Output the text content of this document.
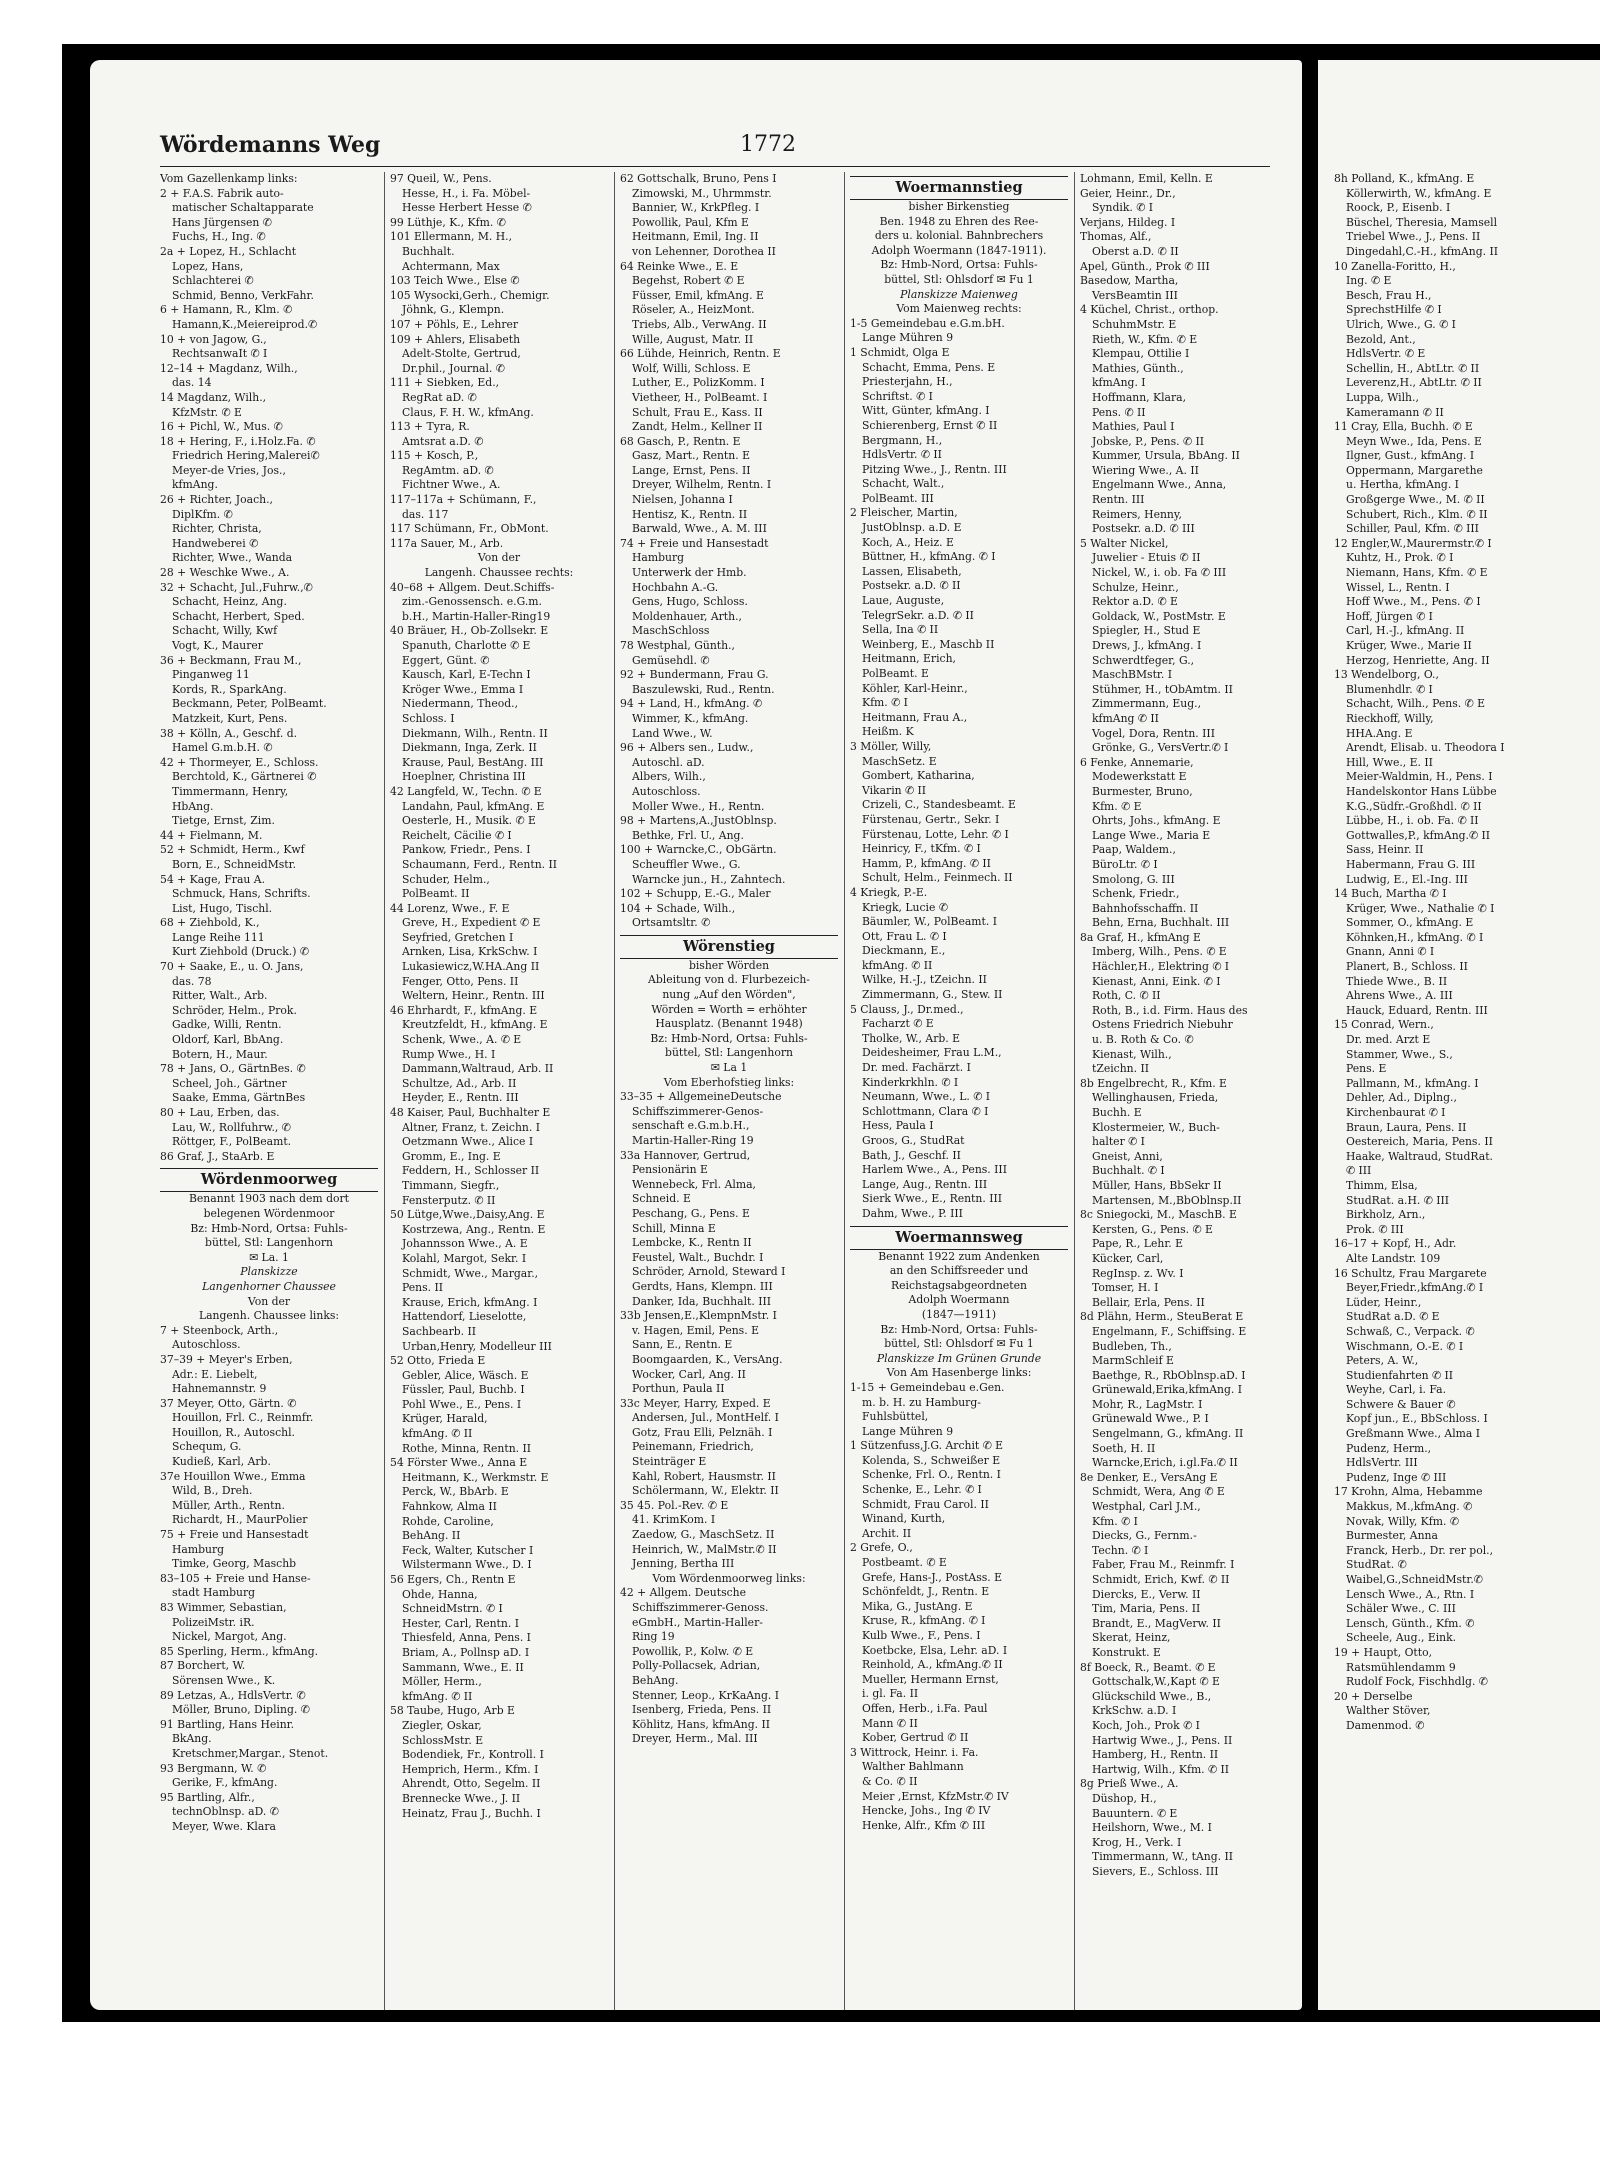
Wördemanns Weg	1772
Vom Gazellenkamp links:
2 + F.A.S. Fabrik auto-
matischer Schaltapparate
Hans Jürgensen ✆
Fuchs, H., Ing. ✆
2a + Lopez, H., Schlacht
Lopez, Hans,
Schlachterei ✆
Schmid, Benno, VerkFahr.
6 + Hamann, R., Klm. ✆
Hamann,K.,Meiereiprod.✆
10 + von Jagow, G.,
RechtsanwaIt ✆ I
12–14 + Magdanz, Wilh.,
das. 14
14 Magdanz, Wilh.,
KfzMstr. ✆ E
16 + Pichl, W., Mus. ✆
18 + Hering, F., i.Holz.Fa. ✆
Friedrich Hering,Malerei✆
Meyer-de Vries, Jos.,
kfmAng.
26 + Richter, Joach.,
DiplKfm. ✆
Richter, Christa,
Handweberei ✆
Richter, Wwe., Wanda
28 + Weschke Wwe., A.
32 + Schacht, Jul.,Fuhrw.,✆
Schacht, Heinz, Ang.
Schacht, Herbert, Sped.
Schacht, Willy, Kwf
Vogt, K., Maurer
36 + Beckmann, Frau M.,
Pinganweg 11
Kords, R., SparkAng.
Beckmann, Peter, PolBeamt.
Matzkeit, Kurt, Pens.
38 + Kölln, A., Geschf. d.
Hamel G.m.b.H. ✆
42 + Thormeyer, E., Schloss.
Berchtold, K., Gärtnerei ✆
Timmermann, Henry,
HbAng.
Tietge, Ernst, Zim.
44 + Fielmann, M.
52 + Schmidt, Herm., Kwf
Born, E., SchneidMstr.
54 + Kage, Frau A.
Schmuck, Hans, Schrifts.
List, Hugo, Tischl.
68 + Ziehbold, K.,
Lange Reihe 111
Kurt Ziehbold (Druck.) ✆
70 + Saake, E., u. O. Jans,
das. 78
Ritter, Walt., Arb.
Schröder, Helm., Prok.
Gadke, Willi, Rentn.
Oldorf, Karl, BbAng.
Botern, H., Maur.
78 + Jans, O., GärtnBes. ✆
Scheel, Joh., Gärtner
Saake, Emma, GärtnBes
80 + Lau, Erben, das.
Lau, W., Rollfuhrw., ✆
Röttger, F., PolBeamt.
86 Graf, J., StaArb. E
Wördenmoorweg
Benannt 1903 nach dem dort
belegenen Wördenmoor
Bz: Hmb-Nord, Ortsa: Fuhls-
büttel, Stl: Langenhorn
✉ La. 1
Planskizze
Langenhorner Chaussee
Von der
Langenh. Chaussee links:
7 + Steenbock, Arth.,
Autoschloss.
37–39 + Meyer's Erben,
Adr.: E. Liebelt,
Hahnemannstr. 9
37 Meyer, Otto, Gärtn. ✆
Houillon, Frl. C., Reinmfr.
Houillon, R., Autoschl.
Schequm, G.
Kudieß, Karl, Arb.
37e Houillon Wwe., Emma
Wild, B., Dreh.
Müller, Arth., Rentn.
Richardt, H., MaurPolier
75 + Freie und Hansestadt
Hamburg
Timke, Georg, Maschb
83–105 + Freie und Hanse-
stadt Hamburg
83 Wimmer, Sebastian,
PolizeiMstr. iR.
Nickel, Margot, Ang.
85 Sperling, Herm., kfmAng.
87 Borchert, W.
Sörensen Wwe., K.
89 Letzas, A., HdlsVertr. ✆
Möller, Bruno, Dipling. ✆
91 Bartling, Hans Heinr.
BkAng.
Kretschmer,Margar., Stenot.
93 Bergmann, W. ✆
Gerike, F., kfmAng.
95 Bartling, Alfr.,
technOblnsp. aD. ✆
Meyer, Wwe. Klara
97 Queil, W., Pens.
Hesse, H., i. Fa. Möbel-
Hesse Herbert Hesse ✆
99 Lüthje, K., Kfm. ✆
101 Ellermann, M. H.,
Buchhalt.
Achtermann, Max
103 Teich Wwe., Else ✆
105 Wysocki,Gerh., Chemigr.
Jöhnk, G., Klempn.
107 + Pöhls, E., Lehrer
109 + Ahlers, Elisabeth
Adelt-Stolte, Gertrud,
Dr.phil., Journal. ✆
111 + Siebken, Ed.,
RegRat aD. ✆
Claus, F. H. W., kfmAng.
113 + Tyra, R.
Amtsrat a.D. ✆
115 + Kosch, P.,
RegAmtm. aD. ✆
Fichtner Wwe., A.
117–117a + Schümann, F.,
das. 117
117 Schümann, Fr., ObMont.
117a Sauer, M., Arb.
Von der
Langenh. Chaussee rechts:
40–68 + Allgem. Deut.Schiffs-
zim.-Genossensch. e.G.m.
b.H., Martin-Haller-Ring19
40 Bräuer, H., Ob-Zollsekr. E
Spanuth, Charlotte ✆ E
Eggert, Günt. ✆
Kausch, Karl, E-Techn I
Kröger Wwe., Emma I
Niedermann, Theod.,
Schloss. I
Diekmann, Wilh., Rentn. II
Diekmann, Inga, Zerk. II
Krause, Paul, BestAng. III
Hoeplner, Christina III
42 Langfeld, W., Techn. ✆ E
Landahn, Paul, kfmAng. E
Oesterle, H., Musik. ✆ E
Reichelt, Cäcilie ✆ I
Pankow, Friedr., Pens. I
Schaumann, Ferd., Rentn. II
Schuder, Helm.,
PolBeamt. II
44 Lorenz, Wwe., F. E
Greve, H., Expedient ✆ E
Seyfried, Gretchen I
Arnken, Lisa, KrkSchw. I
Lukasiewicz,W.HA.Ang II
Fenger, Otto, Pens. II
Weltern, Heinr., Rentn. III
46 Ehrhardt, F., kfmAng. E
Kreutzfeldt, H., kfmAng. E
Schenk, Wwe., A. ✆ E
Rump Wwe., H. I
Dammann,Waltraud, Arb. II
Schultze, Ad., Arb. II
Heyder, E., Rentn. III
48 Kaiser, Paul, Buchhalter E
Altner, Franz, t. Zeichn. I
Oetzmann Wwe., Alice I
Gromm, E., Ing. E
Feddern, H., Schlosser II
Timmann, Siegfr.,
Fensterputz. ✆ II
50 Lütge,Wwe.,Daisy,Ang. E
Kostrzewa, Ang., Rentn. E
Johannsson Wwe., A. E
Kolahl, Margot, Sekr. I
Schmidt, Wwe., Margar.,
Pens. II
Krause, Erich, kfmAng. I
Hattendorf, Lieselotte,
Sachbearb. II
Urban,Henry, Modelleur III
52 Otto, Frieda E
Gebler, Alice, Wäsch. E
Füssler, Paul, Buchb. I
Pohl Wwe., E., Pens. I
Krüger, Harald,
kfmAng. ✆ II
Rothe, Minna, Rentn. II
54 Förster Wwe., Anna E
Heitmann, K., Werkmstr. E
Perck, W., BbArb. E
Fahnkow, Alma II
Rohde, Caroline,
BehAng. II
Feck, Walter, Kutscher I
Wilstermann Wwe., D. I
56 Egers, Ch., Rentn E
Ohde, Hanna,
SchneidMstrn. ✆ I
Hester, Carl, Rentn. I
Thiesfeld, Anna, Pens. I
Briam, A., Pollnsp aD. I
Sammann, Wwe., E. II
Möller, Herm.,
kfmAng. ✆ II
58 Taube, Hugo, Arb E
Ziegler, Oskar,
SchlossMstr. E
Bodendiek, Fr., Kontroll. I
Hemprich, Herm., Kfm. I
Ahrendt, Otto, Segelm. II
Brennecke Wwe., J. II
Heinatz, Frau J., Buchh. I
62 Gottschalk, Bruno, Pens I
Zimowski, M., Uhrmmstr.
Bannier, W., KrkPfleg. I
Powollik, Paul, Kfm E
Heitmann, Emil, Ing. II
von Lehenner, Dorothea II
64 Reinke Wwe., E. E
Begehst, Robert ✆ E
Füsser, Emil, kfmAng. E
Röseler, A., HeizMont.
Triebs, Alb., VerwAng. II
Wille, August, Matr. II
66 Lühde, Heinrich, Rentn. E
Wolf, Willi, Schloss. E
Luther, E., PolizKomm. I
Vietheer, H., PolBeamt. I
Schult, Frau E., Kass. II
Zandt, Helm., Kellner II
68 Gasch, P., Rentn. E
Gasz, Mart., Rentn. E
Lange, Ernst, Pens. II
Dreyer, Wilhelm, Rentn. I
Nielsen, Johanna I
Hentisz, K., Rentn. II
Barwald, Wwe., A. M. III
74 + Freie und Hansestadt
Hamburg
Unterwerk der Hmb.
Hochbahn A.-G.
Gens, Hugo, Schloss.
Moldenhauer, Arth.,
MaschSchloss
78 Westphal, Günth.,
Gemüsehdl. ✆
92 + Bundermann, Frau G.
Baszulewski, Rud., Rentn.
94 + Land, H., kfmAng. ✆
Wimmer, K., kfmAng.
Land Wwe., W.
96 + Albers sen., Ludw.,
Autoschl. aD.
Albers, Wilh.,
Autoschloss.
Moller Wwe., H., Rentn.
98 + Martens,A.,JustOblnsp.
Bethke, Frl. U., Ang.
100 + Warncke,C., ObGärtn.
Scheuffler Wwe., G.
Warncke jun., H., Zahntech.
102 + Schupp, E.-G., Maler
104 + Schade, Wilh.,
Ortsamtsltr. ✆
Wörenstieg
bisher Wörden
Ableitung von d. Flurbezeich-
nung „Auf den Wörden",
Wörden = Worth = erhöhter
Hausplatz. (Benannt 1948)
Bz: Hmb-Nord, Ortsa: Fuhls-
büttel, Stl: Langenhorn
✉ La 1
Vom Eberhofstieg links:
33–35 + AllgemeineDeutsche
Schiffszimmerer-Genos-
senschaft e.G.m.b.H.,
Martin-Haller-Ring 19
33a Hannover, Gertrud,
Pensionärin E
Wennebeck, Frl. Alma,
Schneid. E
Peschang, G., Pens. E
Schill, Minna E
Lembcke, K., Rentn II
Feustel, Walt., Buchdr. I
Schröder, Arnold, Steward I
Gerdts, Hans, Klempn. III
Danker, Ida, Buchhalt. III
33b Jensen,E.,KlempnMstr. I
v. Hagen, Emil, Pens. E
Sann, E., Rentn. E
Boomgaarden, K., VersAng.
Wocker, Carl, Ang. II
Porthun, Paula II
33c Meyer, Harry, Exped. E
Andersen, Jul., MontHelf. I
Gotz, Frau Elli, Pelznäh. I
Peinemann, Friedrich,
Steinträger E
Kahl, Robert, Hausmstr. II
Schölermann, W., Elektr. II
35 45. Pol.-Rev. ✆ E
41. KrimKom. I
Zaedow, G., MaschSetz. II
Heinrich, W., MalMstr.✆ II
Jenning, Bertha III
Vom Wördenmoorweg links:
42 + Allgem. Deutsche
Schiffszimmerer-Genoss.
eGmbH., Martin-Haller-
Ring 19
Powollik, P., Kolw. ✆ E
Polly-Pollacsek, Adrian,
BehAng.
Stenner, Leop., KrKaAng. I
Isenberg, Frieda, Pens. II
Köhlitz, Hans, kfmAng. II
Dreyer, Herm., Mal. III
Woermannstieg
bisher Birkenstieg
Ben. 1948 zu Ehren des Ree-
ders u. kolonial. Bahnbrechers
Adolph Woermann (1847-1911).
Bz: Hmb-Nord, Ortsa: Fuhls-
büttel, Stl: Ohlsdorf ✉ Fu 1
Planskizze Maienweg
Vom Maienweg rechts:
1-5 Gemeindebau e.G.m.bH.
Lange Mühren 9
1 Schmidt, Olga E
Schacht, Emma, Pens. E
Priesterjahn, H.,
Schriftst. ✆ I
Witt, Günter, kfmAng. I
Schierenberg, Ernst ✆ II
Bergmann, H.,
HdlsVertr. ✆ II
Pitzing Wwe., J., Rentn. III
Schacht, Walt.,
PolBeamt. III
2 Fleischer, Martin,
JustOblnsp. a.D. E
Koch, A., Heiz. E
Büttner, H., kfmAng. ✆ I
Lassen, Elisabeth,
Postsekr. a.D. ✆ II
Laue, Auguste,
TelegrSekr. a.D. ✆ II
Sella, Ina ✆ II
Weinberg, E., Maschb II
Heitmann, Erich,
PolBeamt. E
Köhler, Karl-Heinr.,
Kfm. ✆ I
Heitmann, Frau A.,
Heißm. K
3 Möller, Willy,
MaschSetz. E
Gombert, Katharina,
Vikarin ✆ II
Crizeli, C., Standesbeamt. E
Fürstenau, Gertr., Sekr. I
Fürstenau, Lotte, Lehr. ✆ I
Heinricy, F., tKfm. ✆ I
Hamm, P., kfmAng. ✆ II
Schult, Helm., Feinmech. II
4 Kriegk, P.-E.
Kriegk, Lucie ✆
Bäumler, W., PolBeamt. I
Ott, Frau L. ✆ I
Dieckmann, E.,
kfmAng. ✆ II
Wilke, H.-J., tZeichn. II
Zimmermann, G., Stew. II
5 Clauss, J., Dr.med.,
Facharzt ✆ E
Tholke, W., Arb. E
Deidesheimer, Frau L.M.,
Dr. med. Fachärzt. I
Kinderkrkhln. ✆ I
Neumann, Wwe., L. ✆ I
Schlottmann, Clara ✆ I
Hess, Paula I
Groos, G., StudRat
Bath, J., Geschf. II
Harlem Wwe., A., Pens. III
Lange, Aug., Rentn. III
Sierk Wwe., E., Rentn. III
Dahm, Wwe., P. III
Woermannsweg
Benannt 1922 zum Andenken
an den Schiffsreeder und
Reichstagsabgeordneten
Adolph Woermann
(1847—1911)
Bz: Hmb-Nord, Ortsa: Fuhls-
büttel, Stl: Ohlsdorf ✉ Fu 1
Planskizze Im Grünen Grunde
Von Am Hasenberge links:
1-15 + Gemeindebau e.Gen.
m. b. H. zu Hamburg-
Fuhlsbüttel,
Lange Mühren 9
1 Sützenfuss,J.G. Archit ✆ E
Kolenda, S., Schweißer E
Schenke, Frl. O., Rentn. I
Schenke, E., Lehr. ✆ I
Schmidt, Frau Carol. II
Winand, Kurth,
Archit. II
2 Grefe, O.,
Postbeamt. ✆ E
Grefe, Hans-J., PostAss. E
Schönfeldt, J., Rentn. E
Mika, G., JustAng. E
Kruse, R., kfmAng. ✆ I
Kulb Wwe., F., Pens. I
Koetbcke, Elsa, Lehr. aD. I
Reinhold, A., kfmAng.✆ II
Mueller, Hermann Ernst,
i. gl. Fa. II
Offen, Herb., i.Fa. Paul
Mann ✆ II
Kober, Gertrud ✆ II
3 Wittrock, Heinr. i. Fa.
Walther Bahlmann
& Co. ✆ II
Meier ,Ernst, KfzMstr.✆ IV
Hencke, Johs., Ing ✆ IV
Henke, Alfr., Kfm ✆ III
Lohmann, Emil, Kelln. E
Geier, Heinr., Dr.,
Syndik. ✆ I
Verjans, Hildeg. I
Thomas, Alf.,
Oberst a.D. ✆ II
Apel, Günth., Prok ✆ III
Basedow, Martha,
VersBeamtin III
4 Küchel, Christ., orthop.
SchuhmMstr. E
Rieth, W., Kfm. ✆ E
Klempau, Ottilie I
Mathies, Günth.,
kfmAng. I
Hoffmann, Klara,
Pens. ✆ II
Mathies, Paul I
Jobske, P., Pens. ✆ II
Kummer, Ursula, BbAng. II
Wiering Wwe., A. II
Engelmann Wwe., Anna,
Rentn. III
Reimers, Henny,
Postsekr. a.D. ✆ III
5 Walter Nickel,
Juwelier - Etuis ✆ II
Nickel, W., i. ob. Fa ✆ III
Schulze, Heinr.,
Rektor a.D. ✆ E
Goldack, W., PostMstr. E
Spiegler, H., Stud E
Drews, J., kfmAng. I
Schwerdtfeger, G.,
MaschBMstr. I
Stühmer, H., tObAmtm. II
Zimmermann, Eug.,
kfmAng ✆ II
Vogel, Dora, Rentn. III
Grönke, G., VersVertr.✆ I
6 Fenke, Annemarie,
Modewerkstatt E
Burmester, Bruno,
Kfm. ✆ E
Ohrts, Johs., kfmAng. E
Lange Wwe., Maria E
Paap, Waldem.,
BüroLtr. ✆ I
Smolong, G. III
Schenk, Friedr.,
Bahnhofsschaffn. II
Behn, Erna, Buchhalt. III
8a Graf, H., kfmAng E
Imberg, Wilh., Pens. ✆ E
Hächler,H., Elektring ✆ I
Kienast, Anni, Eink. ✆ I
Roth, C. ✆ II
Roth, B., i.d. Firm. Haus des
Ostens Friedrich Niebuhr
u. B. Roth & Co. ✆
Kienast, Wilh.,
tZeichn. II
8b Engelbrecht, R., Kfm. E
Wellinghausen, Frieda,
Buchh. E
Klostermeier, W., Buch-
halter ✆ I
Gneist, Anni,
Buchhalt. ✆ I
Müller, Hans, BbSekr II
Martensen, M.,BbOblnsp.II
8c Sniegocki, M., MaschB. E
Kersten, G., Pens. ✆ E
Pape, R., Lehr. E
Kücker, Carl,
RegInsp. z. Wv. I
Tomser, H. I
Bellair, Erla, Pens. II
8d Plähn, Herm., SteuBerat E
Engelmann, F., Schiffsing. E
Budleben, Th.,
MarmSchleif E
Baethge, R., RbOblnsp.aD. I
Grünewald,Erika,kfmAng. I
Mohr, R., LagMstr. I
Grünewald Wwe., P. I
Sengelmann, G., kfmAng. II
Soeth, H. II
Warncke,Erich, i.gl.Fa.✆ II
8e Denker, E., VersAng E
Schmidt, Wera, Ang ✆ E
Westphal, Carl J.M.,
Kfm. ✆ I
Diecks, G., Fernm.-
Techn. ✆ I
Faber, Frau M., Reinmfr. I
Schmidt, Erich, Kwf. ✆ II
Diercks, E., Verw. II
Tim, Maria, Pens. II
Brandt, E., MagVerw. II
Skerat, Heinz,
Konstrukt. E
8f Boeck, R., Beamt. ✆ E
Gottschalk,W.,Kapt ✆ E
Glückschild Wwe., B.,
KrkSchw. a.D. I
Koch, Joh., Prok ✆ I
Hartwig Wwe., J., Pens. II
Hamberg, H., Rentn. II
Hartwig, Wilh., Kfm. ✆ II
8g Prieß Wwe., A.
Düshop, H.,
Bauuntern. ✆ E
Heilshorn, Wwe., M. I
Krog, H., Verk. I
Timmermann, W., tAng. II
Sievers, E., Schloss. III
8h Polland, K., kfmAng. E
Köllerwirth, W., kfmAng. E
Roock, P., Eisenb. I
Büschel, Theresia, Mamsell
Triebel Wwe., J., Pens. II
Dingedahl,C.-H., kfmAng. II
10 Zanella-Foritto, H.,
Ing. ✆ E
Besch, Frau H.,
SprechstHilfe ✆ I
Ulrich, Wwe., G. ✆ I
Bezold, Ant.,
HdlsVertr. ✆ E
Schellin, H., AbtLtr. ✆ II
Leverenz,H., AbtLtr. ✆ II
Luppa, Wilh.,
Kameramann ✆ II
11 Cray, Ella, Buchh. ✆ E
Meyn Wwe., Ida, Pens. E
Ilgner, Gust., kfmAng. I
Oppermann, Margarethe
u. Hertha, kfmAng. I
Großgerge Wwe., M. ✆ II
Schubert, Rich., Klm. ✆ II
Schiller, Paul, Kfm. ✆ III
12 Engler,W.,Maurermstr.✆ I
Kuhtz, H., Prok. ✆ I
Niemann, Hans, Kfm. ✆ E
Wissel, L., Rentn. I
Hoff Wwe., M., Pens. ✆ I
Hoff, Jürgen ✆ I
Carl, H.-J., kfmAng. II
Krüger, Wwe., Marie II
Herzog, Henriette, Ang. II
13 Wendelborg, O.,
Blumenhdlr. ✆ I
Schacht, Wilh., Pens. ✆ E
Rieckhoff, Willy,
HHA.Ang. E
Arendt, Elisab. u. Theodora I
Hill, Wwe., E. II
Meier-Waldmin, H., Pens. I
Handelskontor Hans Lübbe
K.G.,Südfr.-Großhdl. ✆ II
Lübbe, H., i. ob. Fa. ✆ II
Gottwalles,P., kfmAng.✆ II
Sass, Heinr. II
Habermann, Frau G. III
Ludwig, E., El.-Ing. III
14 Buch, Martha ✆ I
Krüger, Wwe., Nathalie ✆ I
Sommer, O., kfmAng. E
Köhnken,H., kfmAng. ✆ I
Gnann, Anni ✆ I
Planert, B., Schloss. II
Thiede Wwe., B. II
Ahrens Wwe., A. III
Hauck, Eduard, Rentn. III
15 Conrad, Wern.,
Dr. med. Arzt E
Stammer, Wwe., S.,
Pens. E
Pallmann, M., kfmAng. I
Dehler, Ad., Diplng.,
Kirchenbaurat ✆ I
Braun, Laura, Pens. II
Oestereich, Maria, Pens. II
Haake, Waltraud, StudRat.
✆ III
Thimm, Elsa,
StudRat. a.H. ✆ III
Birkholz, Arn.,
Prok. ✆ III
16–17 + Kopf, H., Adr.
Alte Landstr. 109
16 Schultz, Frau Margarete
Beyer,Friedr.,kfmAng.✆ I
Lüder, Heinr.,
StudRat a.D. ✆ E
Schwaß, C., Verpack. ✆
Wischmann, O.-E. ✆ I
Peters, A. W.,
Studienfahrten ✆ II
Weyhe, Carl, i. Fa.
Schwere & Bauer ✆
Kopf jun., E., BbSchloss. I
Greßmann Wwe., Alma I
Pudenz, Herm.,
HdlsVertr. III
Pudenz, Inge ✆ III
17 Krohn, Alma, Hebamme
Makkus, M.,kfmAng. ✆
Novak, Willy, Kfm. ✆
Burmester, Anna
Franck, Herb., Dr. rer pol.,
StudRat. ✆
Waibel,G.,SchneidMstr.✆
Lensch Wwe., A., Rtn. I
Schäler Wwe., C. III
Lensch, Günth., Kfm. ✆
Scheele, Aug., Eink.
19 + Haupt, Otto,
Ratsmühlendamm 9
Rudolf Fock, Fischhdlg. ✆
20 + Derselbe
Walther Stöver,
Damenmod. ✆
